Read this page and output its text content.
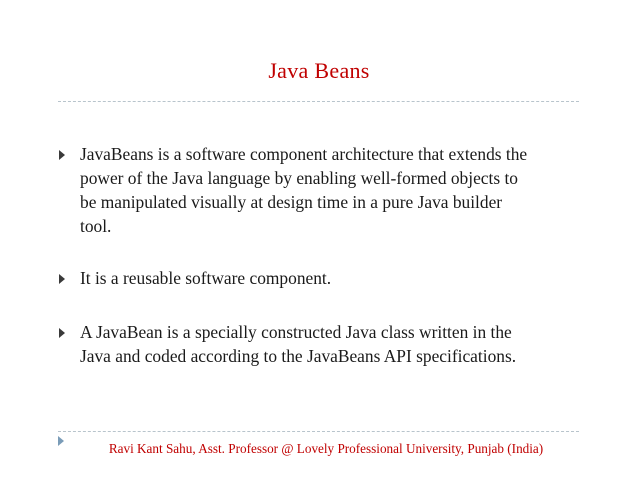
Java Beans
JavaBeans is a software component architecture that extends the
power of the Java language by enabling well-formed objects to
be manipulated visually at design time in a pure Java builder
tool.
It is a reusable software component.
A JavaBean is a specially constructed Java class written in the
Java and coded according to the JavaBeans API specifications.
Ravi Kant Sahu, Asst. Professor @ Lovely Professional University, Punjab (India)
